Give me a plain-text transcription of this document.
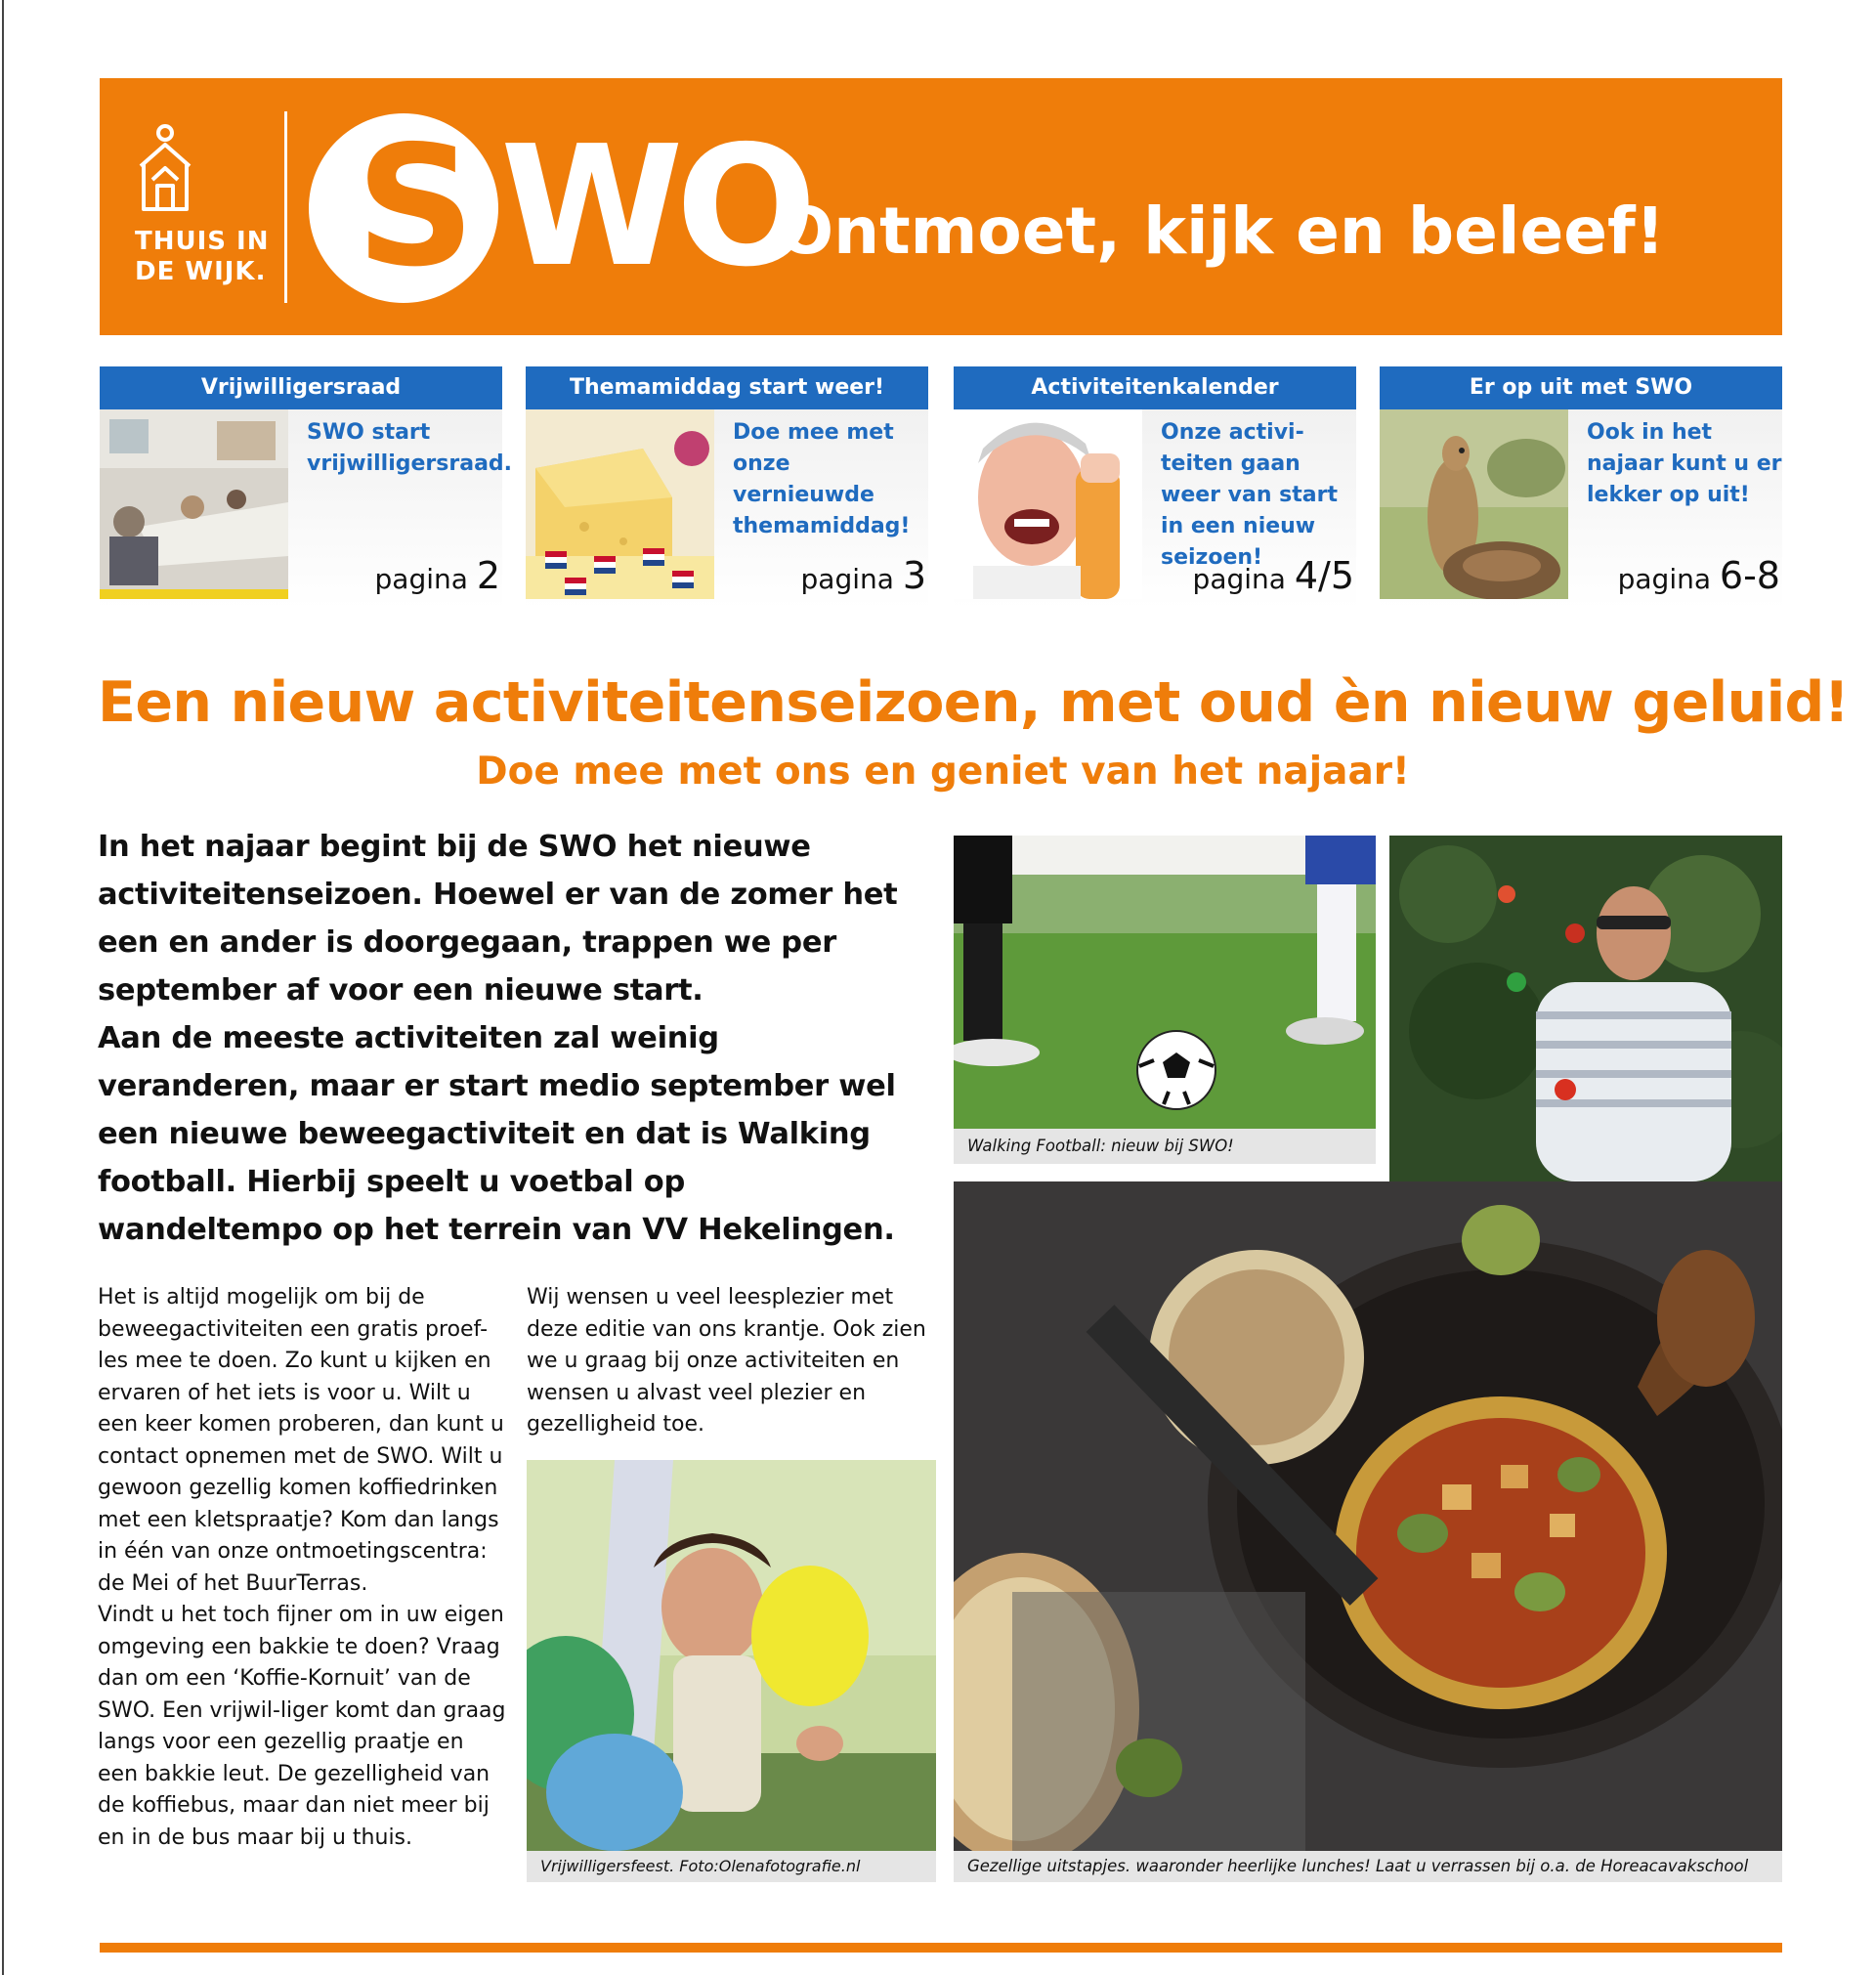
THUIS IN
DE WIJK. S WO
Ontmoet, kijk en beleef!
Vrijwilligersraad
SWO start vrijwilligersraad.
pagina 2
Themamiddag start weer!
Doe mee met onze vernieuwde themamiddag!
pagina 3
Activiteitenkalender
Onze activi-teiten gaan weer van start in een nieuw seizoen!
pagina 4/5
Er op uit met SWO
Ook in het najaar kunt u er lekker op uit!
pagina 6-8
Een nieuw activiteitenseizoen, met oud èn nieuw geluid!
Doe mee met ons en geniet van het najaar!
In het najaar begint bij de SWO het nieuwe activiteitenseizoen. Hoewel er van de zomer het een en ander is doorgegaan, trappen we per september af voor een nieuwe start.
Aan de meeste activiteiten zal weinig veranderen, maar er start medio september wel een nieuwe beweegactiviteit en dat is Walking football. Hierbij speelt u voetbal op wandeltempo op het terrein van VV Hekelingen.
Het is altijd mogelijk om bij de beweegactiviteiten een gratis proef-les mee te doen. Zo kunt u kijken en ervaren of het iets is voor u. Wilt u een keer komen proberen, dan kunt u contact opnemen met de SWO. Wilt u gewoon gezellig komen koffiedrinken met een kletspraatje? Kom dan langs in één van onze ontmoetingscentra: de Mei of het BuurTerras.
Vindt u het toch fijner om in uw eigen omgeving een bakkie te doen? Vraag dan om een ‘Koffie-Kornuit’ van de SWO. Een vrijwil-liger komt dan graag langs voor een gezellig praatje en een bakkie leut. De gezelligheid van de koffiebus, maar dan niet meer bij en in de bus maar bij u thuis.
Wij wensen u veel leesplezier met deze editie van ons krantje. Ook zien we u graag bij onze activiteiten en wensen u alvast veel plezier en gezelligheid toe.
Walking Football: nieuw bij SWO!
Vrijwilligersfeest. Foto:Olenafotografie.nl	Gezellige uitstapjes. waaronder heerlijke lunches! Laat u verrassen bij o.a. de Horeacavakschool
